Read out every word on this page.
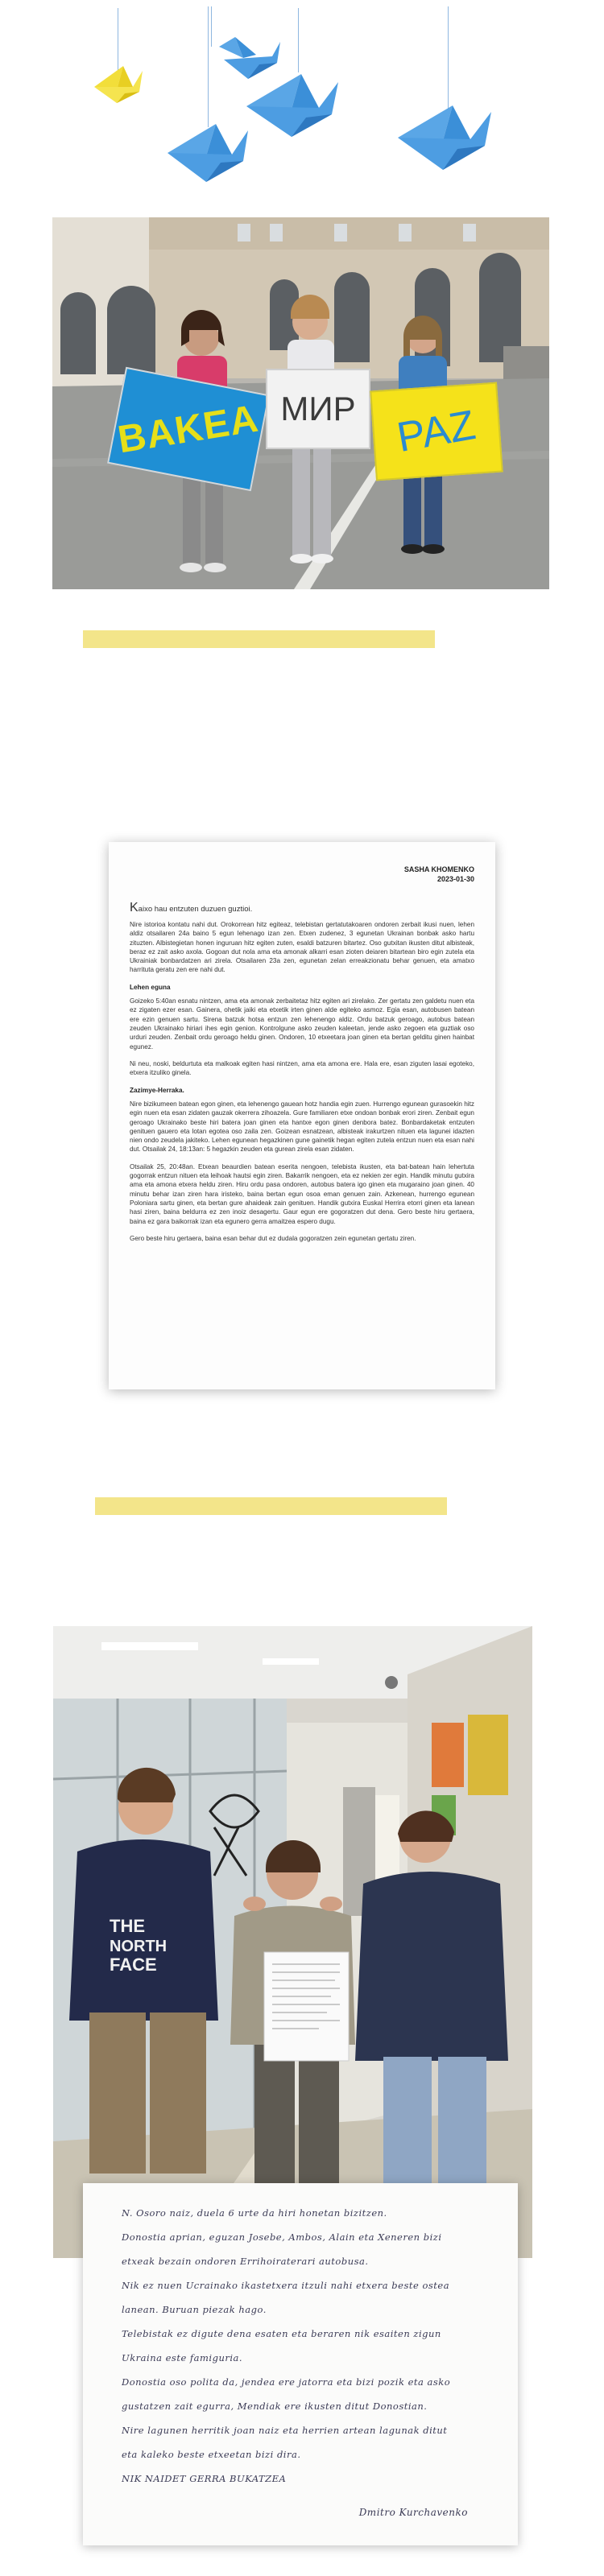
BAKEA МИР PAZ
SASHA KHOMENKO
2023-01-30
Kaixo hau entzuten duzuen guztioi.

Nire istorioa kontatu nahi dut. Orokorrean hitz egiteaz, telebistan gertatutakoaren ondoren zerbait ikusi nuen, lehen aldiz otsailaren 24a baino 5 egun lehenago izan zen. Etxen zudenez, 3 egunetan Ukrainan bonbak asko hartu zituzten. Albistegietan honen inguruan hitz egiten zuten, esaldi batzuren bitartez. Oso gutxitan ikusten ditut albisteak, beraz ez zait asko axola. Gogoan dut nola ama eta amonak alkarri esan zioten deiaren bitartean biro egin zutela eta Ukrainiak bonbardatzen ari zirela. Otsailaren 23a zen, egunetan zelan erreakzionatu behar genuen, eta amatxo harrituta geratu zen ere nahi dut.

Lehen eguna

Goizeko 5:40an esnatu nintzen, ama eta amonak zerbaitetaz hitz egiten ari zirelako. Zer gertatu zen galdetu nuen eta ez zigaten ezer esan. Gainera, ohetik jaiki eta etxetik irten ginen alde egiteko asmoz. Egia esan, autobusen batean ere ezin genuen sartu. Sirena batzuk hotsa entzun zen lehenengo aldiz. Ordu batzuk geroago, autobus batean zeuden Ukrainako hiriari ihes egin genion. Kontrolgune asko zeuden kaleetan, jende asko zegoen eta guztiak oso urduri zeuden. Zenbait ordu geroago heldu ginen. Ondoren, 10 etxeetara joan ginen eta bertan gelditu ginen hainbat egunez.

Ni neu, noski, beldurtuta eta malkoak egiten hasi nintzen, ama eta amona ere. Hala ere, esan ziguten lasai egoteko, etxera itzuliko ginela.

Zazimye-Herraka.

Nire bizikumeen batean egon ginen, eta lehenengo gauean hotz handia egin zuen. Hurrengo egunean gurasoekin hitz egin nuen eta esan zidaten gauzak okerrera zihoazela. Gure familiaren etxe ondoan bonbak erori ziren. Zenbait egun geroago Ukrainako beste hiri batera joan ginen eta hantxe egon ginen denbora batez. Bonbardaketak entzuten genituen gauero eta lotan egotea oso zaila zen. Goizean esnatzean, albisteak irakurtzen nituen eta lagunei idazten nien ondo zeudela jakiteko. Lehen egunean hegazkinen gune gainetik hegan egiten zutela entzun nuen eta esan nahi dut. Otsailak 24, 18:13an: 5 hegazkin zeuden eta gurean zirela esan zidaten.

Otsailak 25, 20:48an. Etxean beaurdien batean eserita nengoen, telebista ikusten, eta bat-batean hain lehertuta gogorrak entzun nituen eta leihoak hautsi egin ziren. Bakarrik nengoen, eta ez nekien zer egin. Handik minutu gutxira ama eta amona etxera heldu ziren. Hiru ordu pasa ondoren, autobus batera igo ginen eta mugaraino joan ginen. 40 minutu behar izan ziren hara iristeko, baina bertan egun osoa eman genuen zain. Azkenean, hurrengo egunean Poloniara sartu ginen, eta bertan gure ahaideak zain genituen. Handik gutxira Euskal Herrira etorri ginen eta lanean hasi ziren, baina beldurra ez zen inoiz desagertu. Gaur egun ere gogoratzen dut dena. Gero beste hiru gertaera, baina ez gara baikorrak izan eta egunero gerra amaitzea espero dugu.

Gero beste hiru gertaera, baina esan behar dut ez dudala gogoratzen zein egunetan gertatu ziren.

THE
NORTH
FACE
N. Osoro naiz, duela 6 urte da hiri honetan bizitzen.
Donostia aprian, eguzan Josebe, Ambos, Alain eta Xeneren bizi
etxeak bezain ondoren Errihoiraterari autobusa.
Nik ez nuen Ucrainako ikastetxera itzuli nahi etxera beste ostea
lanean. Buruan piezak hago.
Telebistak ez digute dena esaten eta beraren nik esaiten zigun
Ukraina este famiguria.
Donostia oso polita da, jendea ere jatorra eta bizi pozik eta asko
gustatzen zait egurra, Mendiak ere ikusten ditut Donostian.
Nire lagunen herritik joan naiz eta herrien artean lagunak ditut
eta kaleko beste etxeetan bizi dira.
NIK NAIDET GERRA BUKATZEA
Dmitro Kurchavenko
